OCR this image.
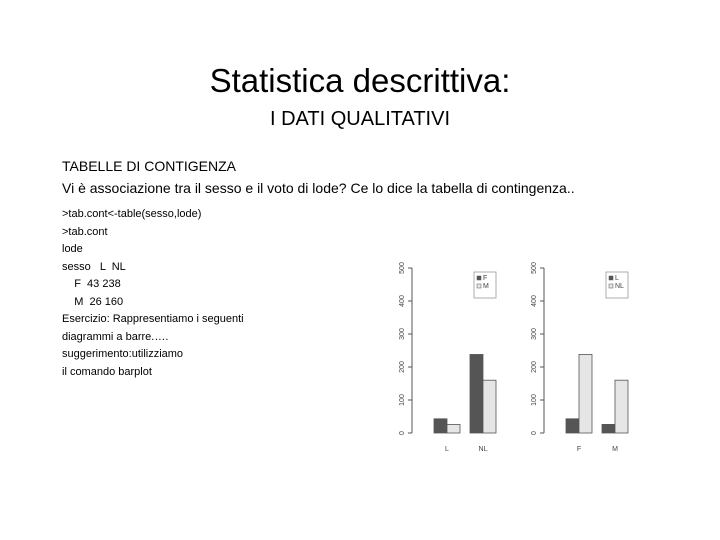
Statistica descrittiva:
I DATI QUALITATIVI
TABELLE DI CONTIGENZA
Vi è associazione tra il sesso e il voto di lode? Ce lo dice la tabella di contingenza..
>tab.cont<-table(sesso,lode)
>tab.cont
lode
sesso   L  NL
F  43 238
M  26 160
Esercizio: Rappresentiamo i seguenti
diagrammi a barre.….
suggerimento:utilizziamo
il comando barplot
0
100
200
300
400
500
L	NL
F
M
0
100
200
300
400
500
F	M
L
NL
